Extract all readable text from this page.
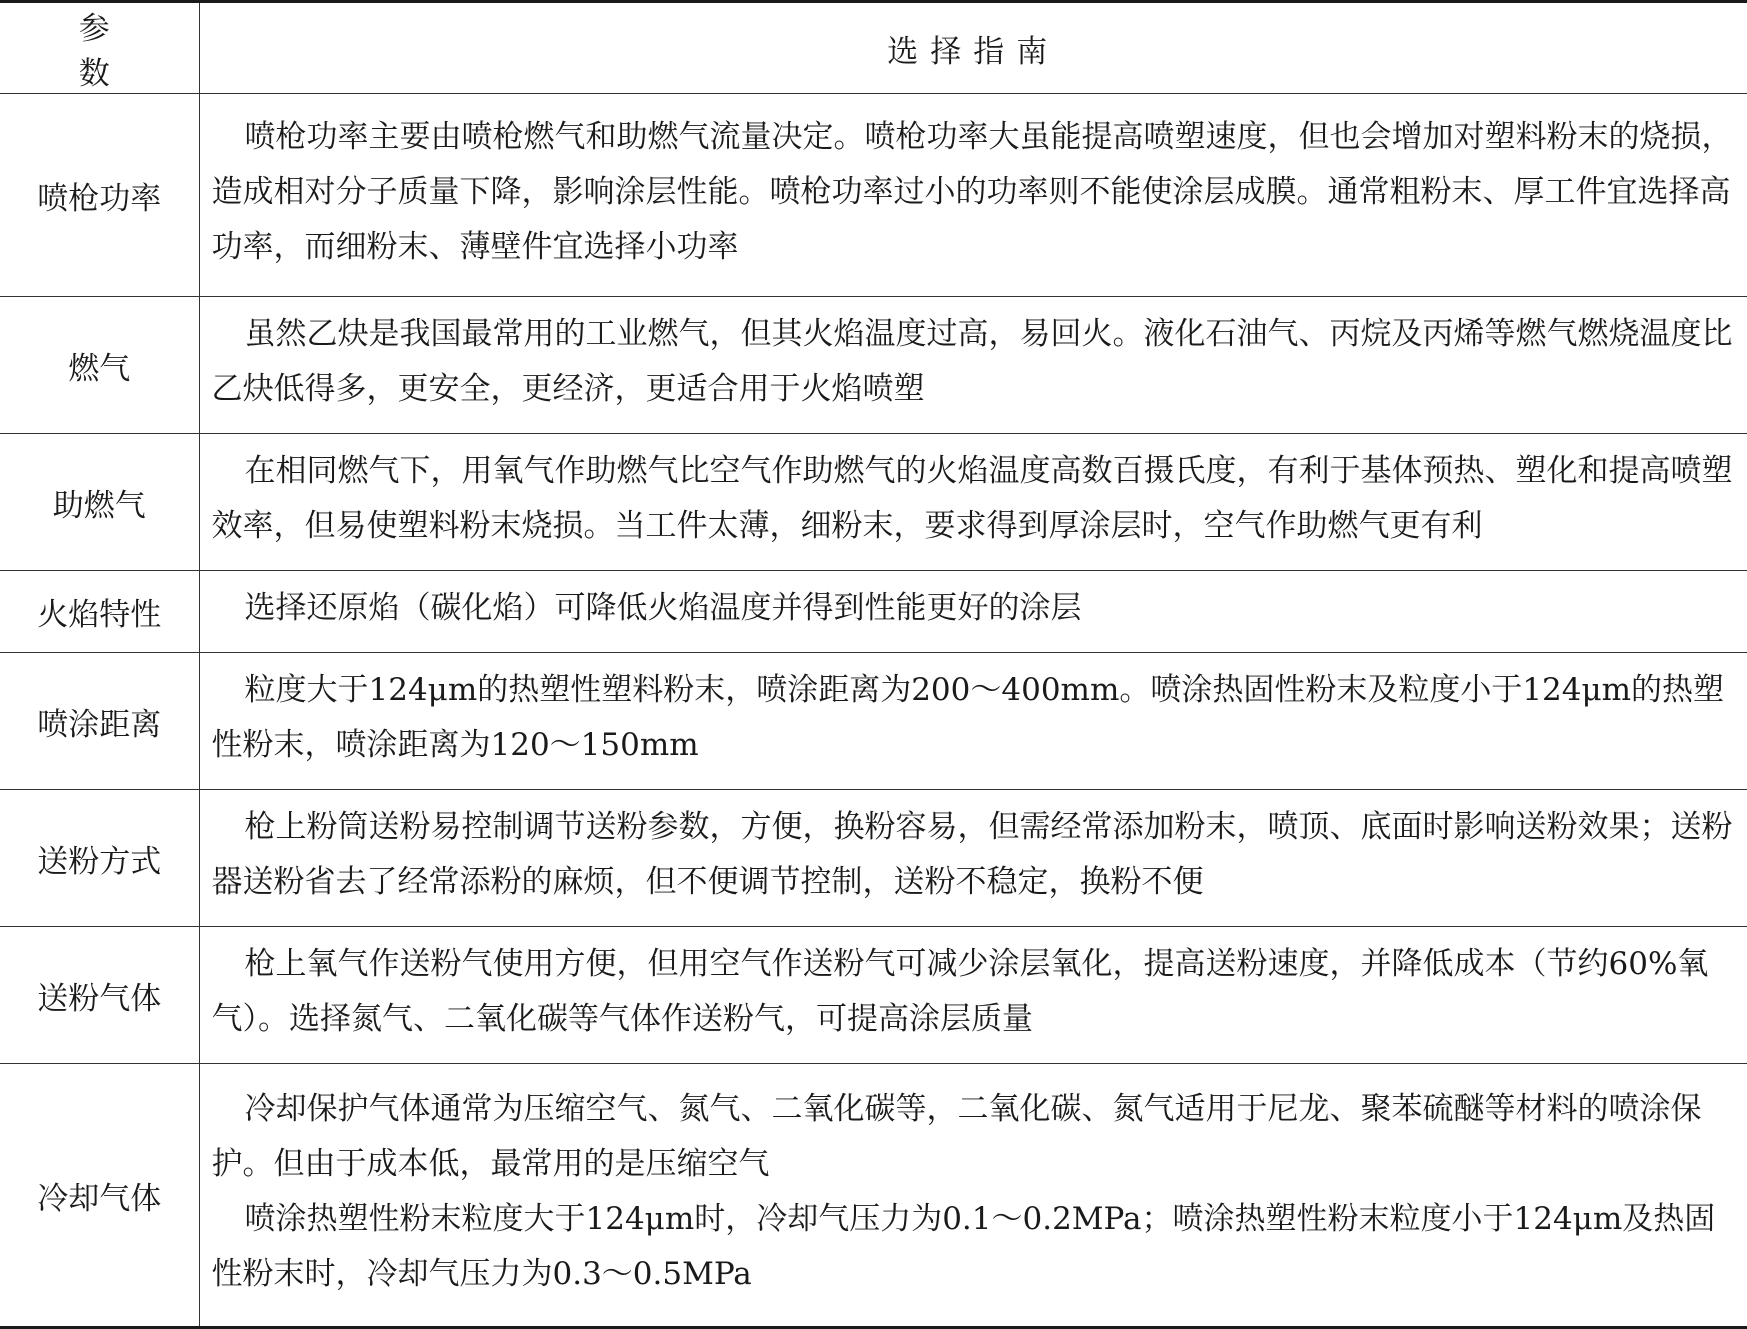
参　数	选择指南
喷枪功率	喷枪功率主要由喷枪燃气和助燃气流量决定。喷枪功率大虽能提高喷塑速度，但也会增加对塑料粉末的烧损，造成相对分子质量下降，影响涂层性能。喷枪功率过小的功率则不能使涂层成膜。通常粗粉末、厚工件宜选择高功率，而细粉末、薄壁件宜选择小功率

燃气	虽然乙炔是我国最常用的工业燃气，但其火焰温度过高，易回火。液化石油气、丙烷及丙烯等燃气燃烧温度比乙炔低得多，更安全，更经济，更适合用于火焰喷塑

助燃气	在相同燃气下，用氧气作助燃气比空气作助燃气的火焰温度高数百摄氏度，有利于基体预热、塑化和提高喷塑效率，但易使塑料粉末烧损。当工件太薄，细粉末，要求得到厚涂层时，空气作助燃气更有利

火焰特性	选择还原焰（碳化焰）可降低火焰温度并得到性能更好的涂层

喷涂距离	粒度大于124μm的热塑性塑料粉末，喷涂距离为200～400mm。喷涂热固性粉末及粒度小于124μm的热塑性粉末，喷涂距离为120～150mm

送粉方式	枪上粉筒送粉易控制调节送粉参数，方便，换粉容易，但需经常添加粉末，喷顶、底面时影响送粉效果；送粉器送粉省去了经常添粉的麻烦，但不便调节控制，送粉不稳定，换粉不便

送粉气体	枪上氧气作送粉气使用方便，但用空气作送粉气可减少涂层氧化，提高送粉速度，并降低成本（节约60%氧气）。选择氮气、二氧化碳等气体作送粉气，可提高涂层质量

冷却气体	冷却保护气体通常为压缩空气、氮气、二氧化碳等，二氧化碳、氮气适用于尼龙、聚苯硫醚等材料的喷涂保护。但由于成本低，最常用的是压缩空气

喷涂热塑性粉末粒度大于124μm时，冷却气压力为0.1～0.2MPa；喷涂热塑性粉末粒度小于124μm及热固性粉末时，冷却气压力为0.3～0.5MPa
